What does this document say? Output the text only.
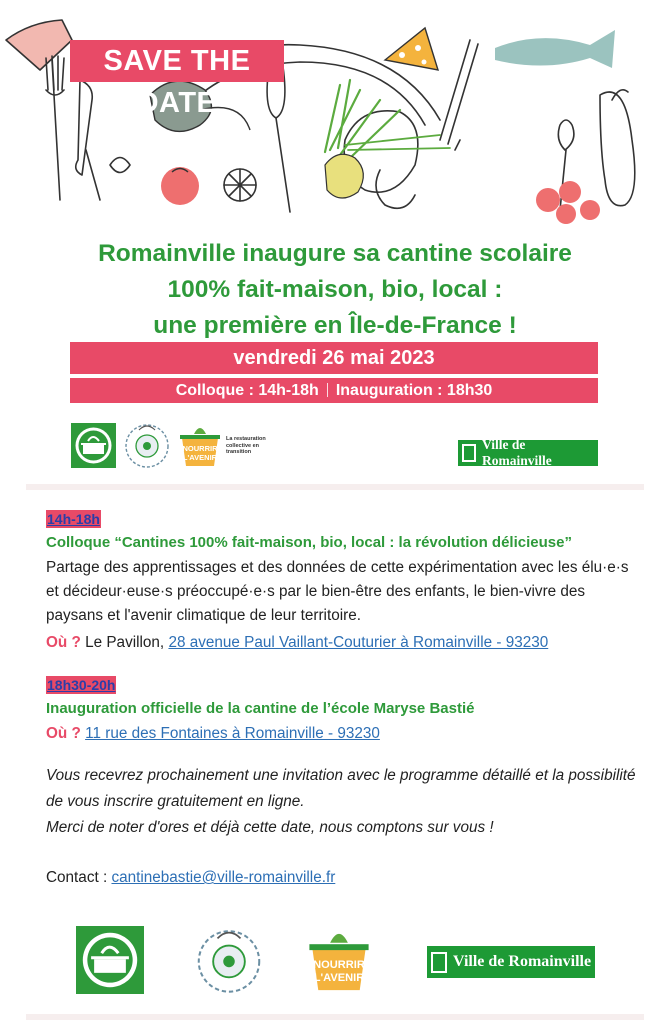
SAVE THE DATE
Romainville inaugure sa cantine scolaire
100% fait-maison, bio, local :
une première en Île-de-France !
vendredi 26 mai 2023
Colloque : 14h-18h Inauguration : 18h30
NOURRIR
L'AVENIR
La restauration collective en transition	Ville de Romainville
14h-18h
Colloque “Cantines 100% fait-maison, bio, local : la révolution délicieuse”
Partage des apprentissages et des données de cette expérimentation avec les élu·e·s et décideur·euse·s préoccupé·e·s par le bien-être des enfants, le bien-vivre des paysans et l'avenir climatique de leur territoire.
Où ? Le Pavillon, 28 avenue Paul Vaillant-Couturier à Romainville - 93230
18h30-20h
Inauguration officielle de la cantine de l’école Maryse Bastié
Où ? 11 rue des Fontaines à Romainville - 93230
Vous recevrez prochainement une invitation avec le programme détaillé et la possibilité de vous inscrire gratuitement en ligne.
Merci de noter d'ores et déjà cette date, nous comptons sur vous !
Contact : cantinebastie@ville-romainville.fr
NOURRIR
L'AVENIR
Ville de Romainville
